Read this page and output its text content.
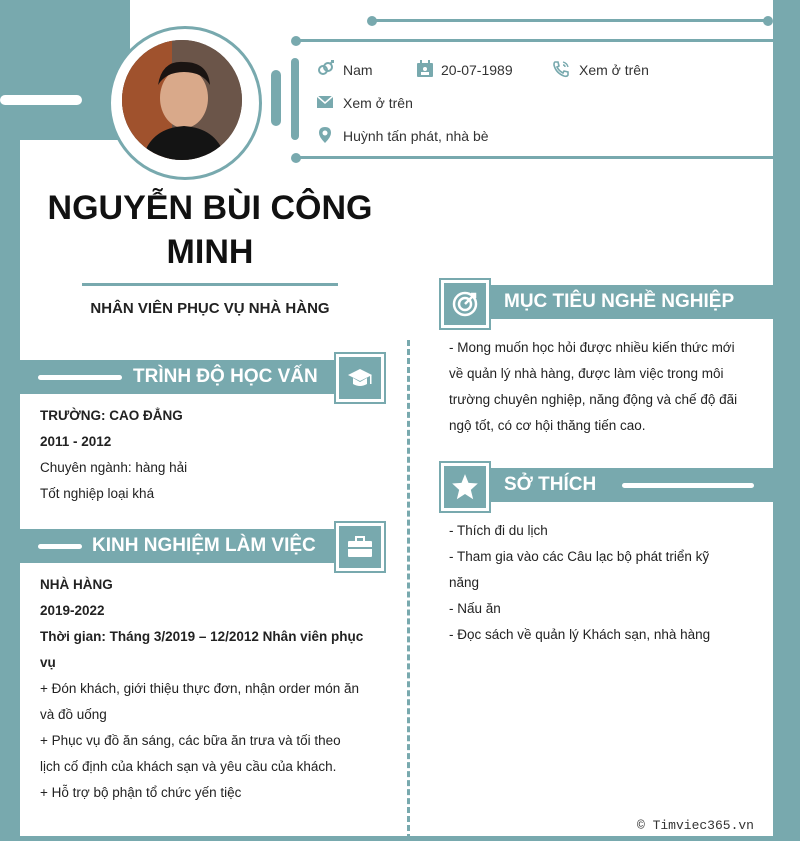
Nam	20-07-1989	Xem ở trên
Xem ở trên
Huỳnh tấn phát, nhà bè
NGUYỄN BÙI CÔNG
MINH
NHÂN VIÊN PHỤC VỤ NHÀ HÀNG
TRÌNH ĐỘ HỌC VẤN
TRƯỜNG: CAO ĐẲNG
2011 - 2012
Chuyên ngành: hàng hải
Tốt nghiệp loại khá
KINH NGHIỆM LÀM VIỆC
NHÀ HÀNG
2019-2022
Thời gian: Tháng 3/2019 – 12/2012 Nhân viên phục
vụ
+ Đón khách, giới thiệu thực đơn, nhận order món ăn
và đồ uống
+ Phục vụ đồ ăn sáng, các bữa ăn trưa và tối theo
lịch cố định của khách sạn và yêu cầu của khách.
+ Hỗ trợ bộ phận tổ chức yến tiệc
MỤC TIÊU NGHỀ NGHIỆP
- Mong muốn học hỏi được nhiều kiến thức mới
về quản lý nhà hàng, được làm việc trong môi
trường chuyên nghiệp, năng động và chế độ đãi
ngộ tốt, có cơ hội thăng tiến cao.
SỞ THÍCH
- Thích đi du lịch
- Tham gia vào các Câu lạc bộ phát triển kỹ
năng
- Nấu ăn
- Đọc sách về quản lý Khách sạn, nhà hàng
© Timviec365.vn
